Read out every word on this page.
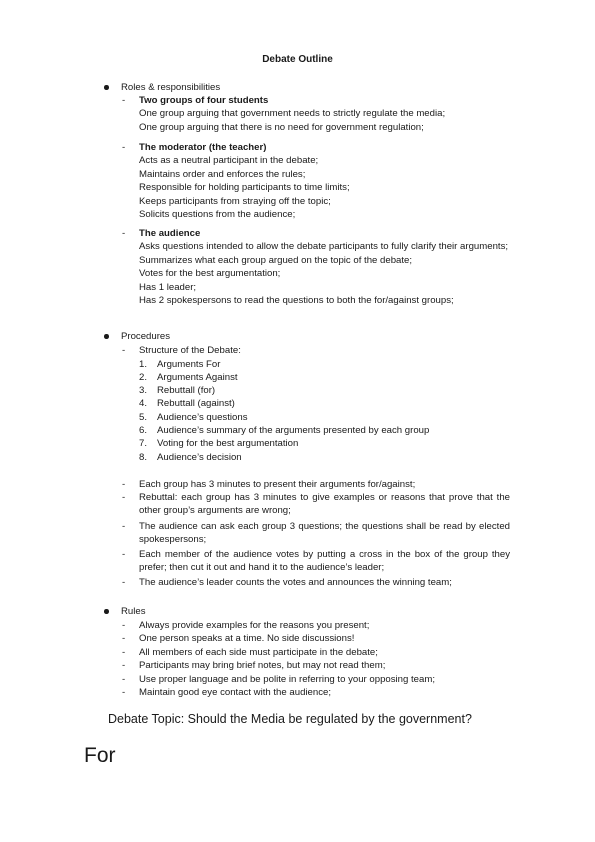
Debate Outline
Roles & responsibilities
- Two groups of four students
One group arguing that government needs to strictly regulate the media;
One group arguing that there is no need for government regulation;
- The moderator (the teacher)
Acts as a neutral participant in the debate;
Maintains order and enforces the rules;
Responsible for holding participants to time limits;
Keeps participants from straying off the topic;
Solicits questions from the audience;
- The audience
Asks questions intended to allow the debate participants to fully clarify their arguments;
Summarizes what each group argued on the topic of the debate;
Votes for the best argumentation;
Has 1 leader;
Has 2 spokespersons to read the questions to both the for/against groups;
Procedures
- Structure of the Debate:
1. Arguments For
2. Arguments Against
3. Rebuttall (for)
4. Rebuttall (against)
5. Audience’s questions
6. Audience’s summary of the arguments presented by each group
7. Voting for the best argumentation
8. Audience’s decision
- Each group has 3 minutes to present their arguments for/against;
- Rebuttal: each group has 3 minutes to give examples or reasons that prove that the other group’s arguments are wrong;
- The audience can ask each group 3 questions; the questions shall be read by elected spokespersons;
- Each member of the audience votes by putting a cross in the box of the group they prefer; then cut it out and hand it to the audience’s leader;
- The audience’s leader counts the votes and announces the winning team;
Rules
- Always provide examples for the reasons you present;
- One person speaks at a time. No side discussions!
- All members of each side must participate in the debate;
- Participants may bring brief notes, but may not read them;
- Use proper language and be polite in referring to your opposing team;
- Maintain good eye contact with the audience;
Debate Topic: Should the Media be regulated by the government?
For
